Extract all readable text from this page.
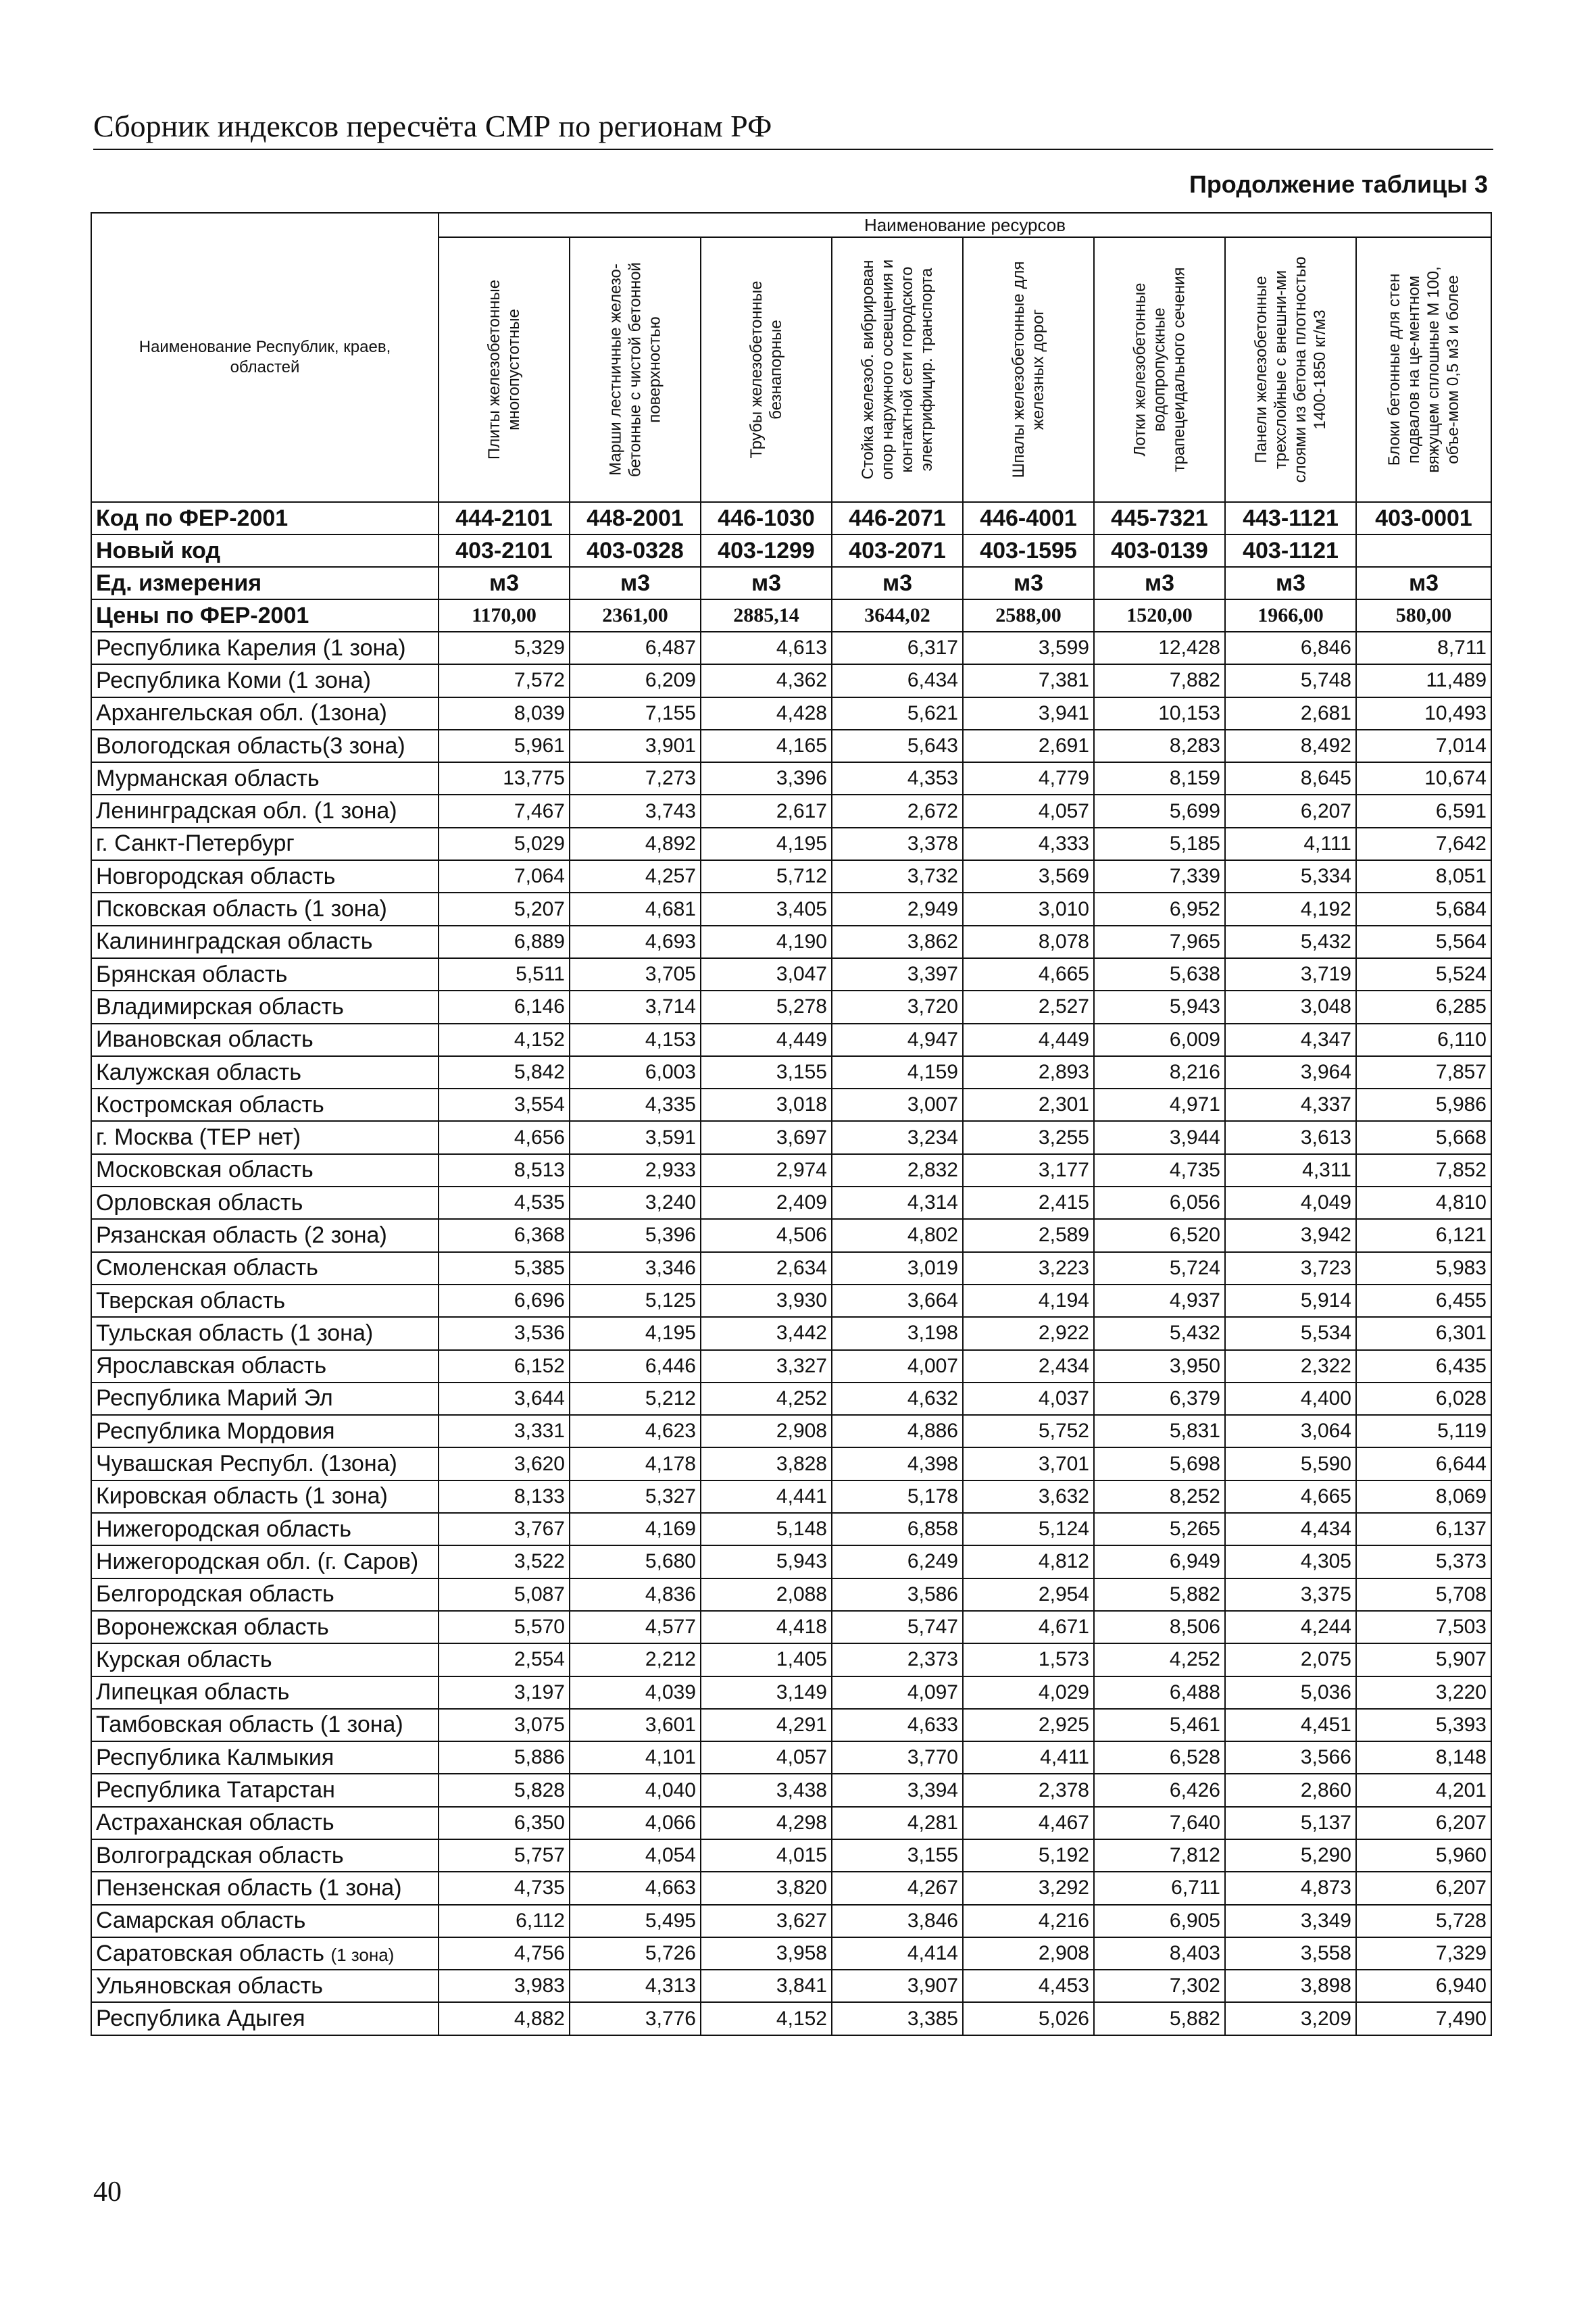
Сборник индексов пересчёта СМР по регионам РФ
Продолжение таблицы 3
Наименование Республик, краев, областей	Наименование ресурсов							

	Плиты железобетонные многопустотные	Марши лестничные железо-бетонные с чистой бетонной поверхностью	Трубы железобетонные безнапорные	Стойка железоб. вибрирован опор наружного освещения и контактной сети городского электрифицир. транспорта	Шпалы железобетонные для железных дорог	Лотки железобетонные водопропускные трапецеидального сечения	Панели железобетонные трехслойные с внешни-ми слоями из бетона плотностью 1400-1850 кг/м3	Блоки бетонные для стен подвалов на це-ментном вяжущем сплошные М 100, объе-мом 0,5 м3 и более

Код по ФЕР-2001	444-2101	448-2001	446-1030	446-2071	446-4001	445-7321	443-1121	403-0001
Новый код	403-2101	403-0328	403-1299	403-2071	403-1595	403-0139	403-1121	
Ед. измерения	м3	м3	м3	м3	м3	м3	м3	м3
Цены по ФЕР-2001	1170,00	2361,00	2885,14	3644,02	2588,00	1520,00	1966,00	580,00
Республика Карелия (1 зона)	5,329	6,487	4,613	6,317	3,599	12,428	6,846	8,711
Республика Коми (1 зона)	7,572	6,209	4,362	6,434	7,381	7,882	5,748	11,489
Архангельская обл. (1зона)	8,039	7,155	4,428	5,621	3,941	10,153	2,681	10,493
Вологодская область(3 зона)	5,961	3,901	4,165	5,643	2,691	8,283	8,492	7,014
Мурманская область	13,775	7,273	3,396	4,353	4,779	8,159	8,645	10,674
Ленинградская обл. (1 зона)	7,467	3,743	2,617	2,672	4,057	5,699	6,207	6,591
г. Санкт-Петербург	5,029	4,892	4,195	3,378	4,333	5,185	4,111	7,642
Новгородская область	7,064	4,257	5,712	3,732	3,569	7,339	5,334	8,051
Псковская область (1 зона)	5,207	4,681	3,405	2,949	3,010	6,952	4,192	5,684
Калининградская область	6,889	4,693	4,190	3,862	8,078	7,965	5,432	5,564
Брянская область	5,511	3,705	3,047	3,397	4,665	5,638	3,719	5,524
Владимирская область	6,146	3,714	5,278	3,720	2,527	5,943	3,048	6,285
Ивановская область	4,152	4,153	4,449	4,947	4,449	6,009	4,347	6,110
Калужская область	5,842	6,003	3,155	4,159	2,893	8,216	3,964	7,857
Костромская область	3,554	4,335	3,018	3,007	2,301	4,971	4,337	5,986
г. Москва (ТЕР нет)	4,656	3,591	3,697	3,234	3,255	3,944	3,613	5,668
Московская область	8,513	2,933	2,974	2,832	3,177	4,735	4,311	7,852
Орловская область	4,535	3,240	2,409	4,314	2,415	6,056	4,049	4,810
Рязанская область (2 зона)	6,368	5,396	4,506	4,802	2,589	6,520	3,942	6,121
Смоленская область	5,385	3,346	2,634	3,019	3,223	5,724	3,723	5,983
Тверская область	6,696	5,125	3,930	3,664	4,194	4,937	5,914	6,455
Тульская область (1 зона)	3,536	4,195	3,442	3,198	2,922	5,432	5,534	6,301
Ярославская область	6,152	6,446	3,327	4,007	2,434	3,950	2,322	6,435
Республика Марий Эл	3,644	5,212	4,252	4,632	4,037	6,379	4,400	6,028
Республика Мордовия	3,331	4,623	2,908	4,886	5,752	5,831	3,064	5,119
Чувашская Республ. (1зона)	3,620	4,178	3,828	4,398	3,701	5,698	5,590	6,644
Кировская область (1 зона)	8,133	5,327	4,441	5,178	3,632	8,252	4,665	8,069
Нижегородская область	3,767	4,169	5,148	6,858	5,124	5,265	4,434	6,137
Нижегородская обл. (г. Саров)	3,522	5,680	5,943	6,249	4,812	6,949	4,305	5,373
Белгородская область	5,087	4,836	2,088	3,586	2,954	5,882	3,375	5,708
Воронежская область	5,570	4,577	4,418	5,747	4,671	8,506	4,244	7,503
Курская область	2,554	2,212	1,405	2,373	1,573	4,252	2,075	5,907
Липецкая область	3,197	4,039	3,149	4,097	4,029	6,488	5,036	3,220
Тамбовская область (1 зона)	3,075	3,601	4,291	4,633	2,925	5,461	4,451	5,393
Республика Калмыкия	5,886	4,101	4,057	3,770	4,411	6,528	3,566	8,148
Республика Татарстан	5,828	4,040	3,438	3,394	2,378	6,426	2,860	4,201
Астраханская область	6,350	4,066	4,298	4,281	4,467	7,640	5,137	6,207
Волгоградская область	5,757	4,054	4,015	3,155	5,192	7,812	5,290	5,960
Пензенская область (1 зона)	4,735	4,663	3,820	4,267	3,292	6,711	4,873	6,207
Самарская область	6,112	5,495	3,627	3,846	4,216	6,905	3,349	5,728
Саратовская область (1 зона)	4,756	5,726	3,958	4,414	2,908	8,403	3,558	7,329
Ульяновская область	3,983	4,313	3,841	3,907	4,453	7,302	3,898	6,940
Республика Адыгея	4,882	3,776	4,152	3,385	5,026	5,882	3,209	7,490
40
